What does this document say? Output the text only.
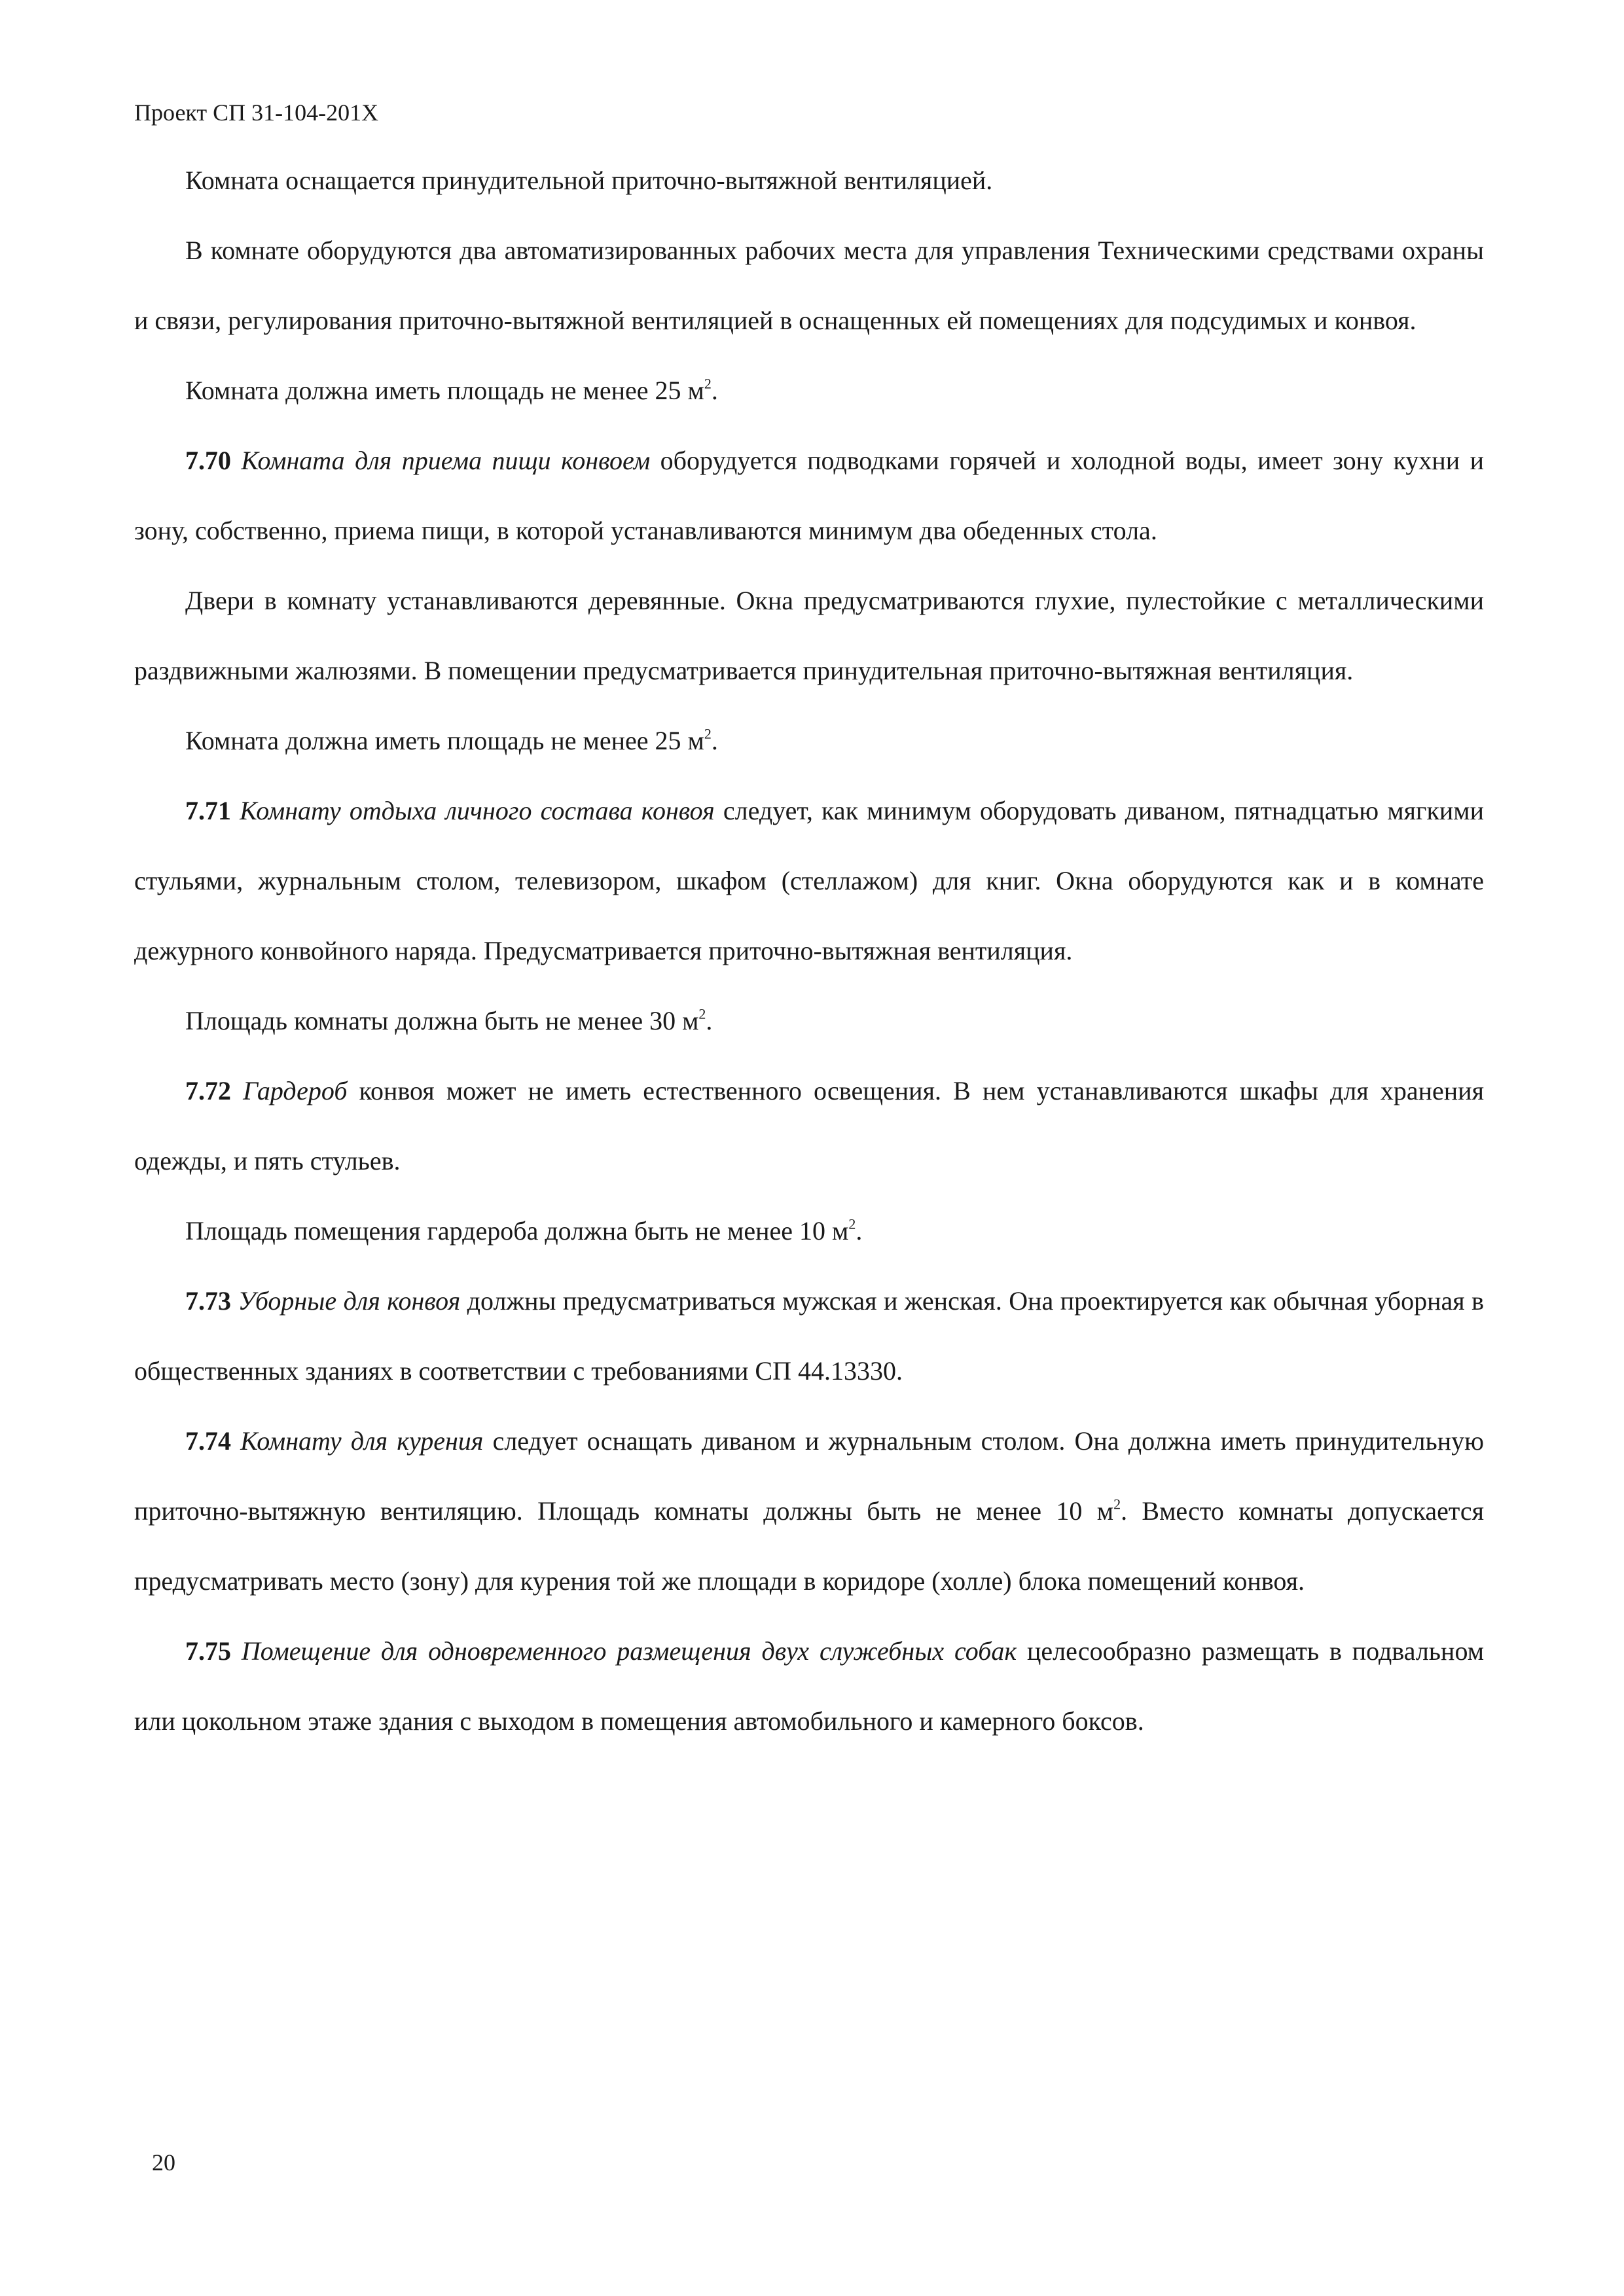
Проект СП 31-104-201Х

Комната оснащается принудительной приточно-вытяжной вентиляцией.

В комнате оборудуются два автоматизированных рабочих места для управления Техническими средствами охраны и связи, регулирования приточно-вытяжной вентиляцией в оснащенных ей помещениях для подсудимых и конвоя.

Комната должна иметь площадь не менее 25 $м^2$.

7.70 Комната для приема пищи конвоем оборудуется подводками горячей и холодной воды, имеет зону кухни и зону, собственно, приема пищи, в которой устанавливаются минимум два обеденных стола.

Двери в комнату устанавливаются деревянные. Окна предусматриваются глухие, пулестойкие с металлическими раздвижными жалюзями. В помещении предусматривается принудительная приточно-вытяжная вентиляция.

Комната должна иметь площадь не менее 25 $м^2$.

7.71 Комнату отдыха личного состава конвоя следует, как минимум оборудовать диваном, пятнадцатью мягкими стульями, журнальным столом, телевизором, шкафом (стеллажом) для книг. Окна оборудуются как и в комнате дежурного конвойного наряда. Предусматривается приточно-вытяжная вентиляция.

Площадь комнаты должна быть не менее 30 $м^2$.

7.72 Гардероб конвоя может не иметь естественного освещения. В нем устанавливаются шкафы для хранения одежды, и пять стульев.

Площадь помещения гардероба должна быть не менее 10 $м^2$.

7.73 Уборные для конвоя должны предусматриваться мужская и женская. Она проектируется как обычная уборная в общественных зданиях в соответствии с требованиями СП 44.13330.

7.74 Комнату для курения следует оснащать диваном и журнальным столом. Она должна иметь принудительную приточно-вытяжную вентиляцию. Площадь комнаты должны быть не менее 10 $м^2$. Вместо комнаты допускается предусматривать место (зону) для курения той же площади в коридоре (холле) блока помещений конвоя.

7.75 Помещение для одновременного размещения двух служебных собак целесообразно размещать в подвальном или цокольном этаже здания с выходом в помещения автомобильного и камерного боксов.

20
